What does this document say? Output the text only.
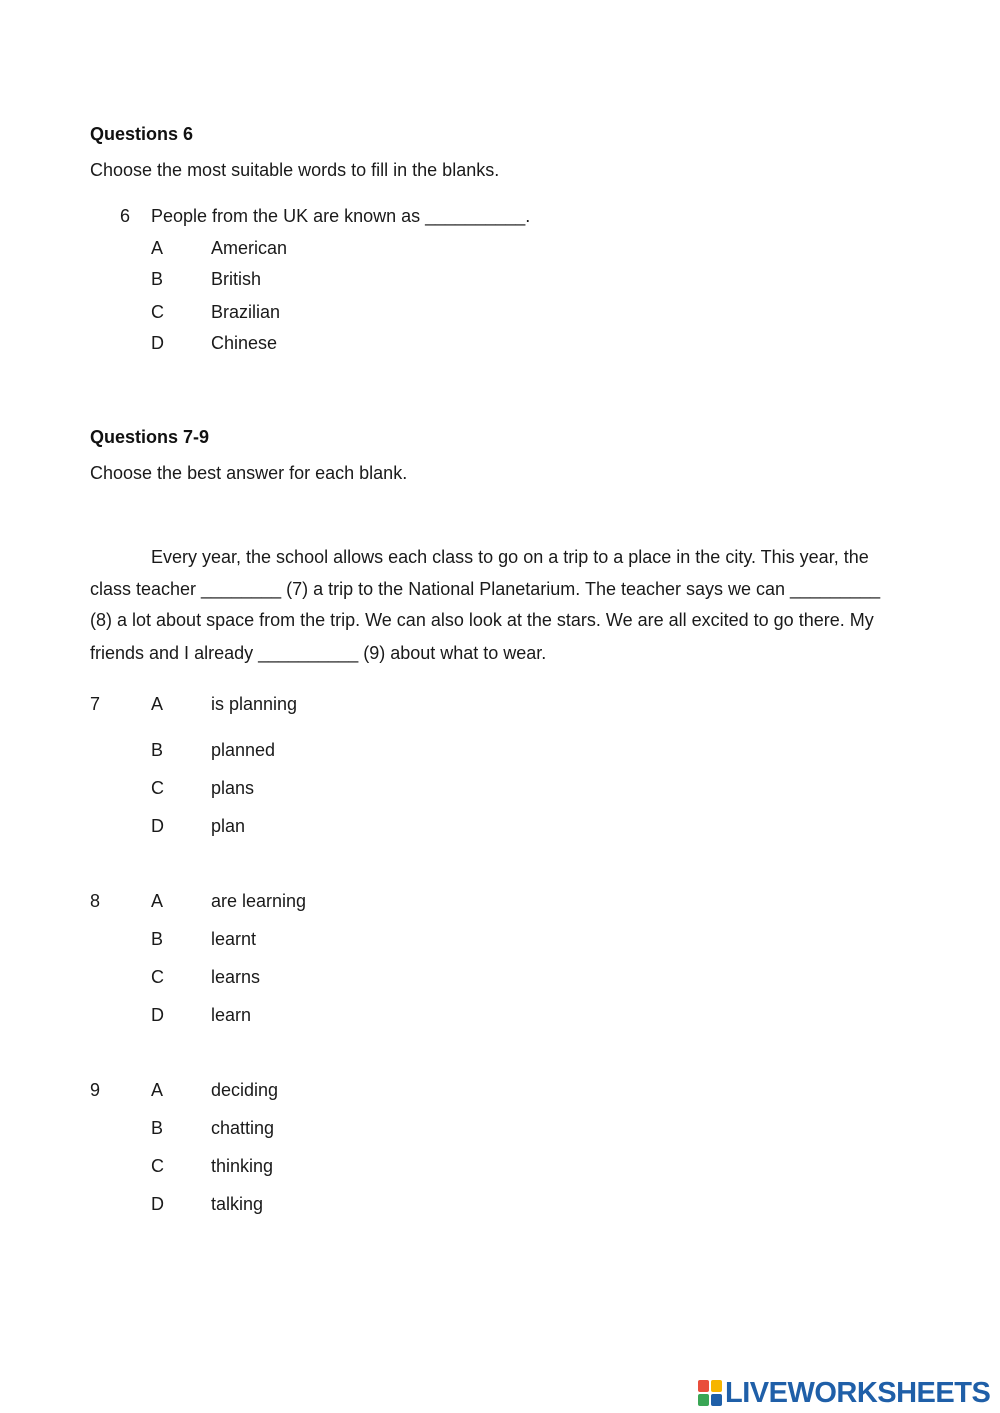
Questions 6
Choose the most suitable words to fill in the blanks.
6 People from the UK are known as __________.
A	American
B	British
C	Brazilian
D	Chinese
Questions 7-9
Choose the best answer for each blank.
Every year, the school allows each class to go on a trip to a place in the city. This year, the
class teacher ________ (7) a trip to the National Planetarium. The teacher says we can _________
(8) a lot about space from the trip. We can also look at the stars. We are all excited to go there. My
friends and I already __________ (9) about what to wear.
7	A	is planning
B	planned
C	plans
D	plan
8	A	are learning
B	learnt
C	learns
D	learn
9	A	deciding
B	chatting
C	thinking
D	talking
LIVEWORKSHEETS
